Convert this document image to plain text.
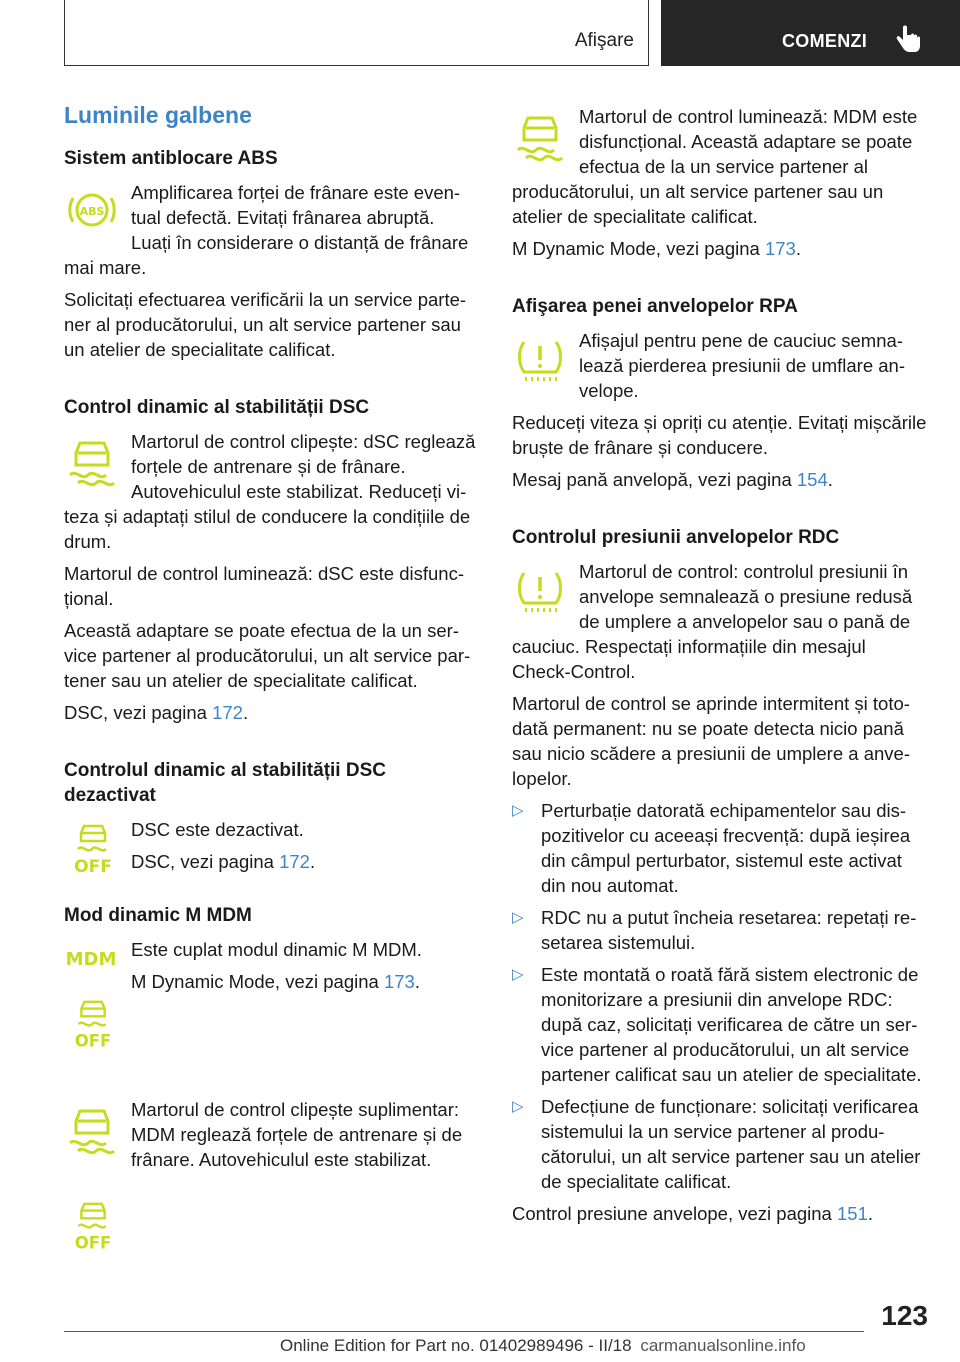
Afişare	COMENZI
Luminile galbene
Sistem antiblocare ABS
ABS
Amplificarea forței de frânare este eventual defectă. Evitați frânarea abruptă. Luați în considerare o distanță de frânare mai mare.
Solicitați efectuarea verificării la un service partener al producătorului, un alt service partener sau un atelier de specialitate calificat.
Control dinamic al stabilității DSC
Martorul de control clipește: dSC reglează forțele de antrenare și de frânare. Autovehiculul este stabilizat. Reduceți viteza și adaptați stilul de conducere la condițiile de drum.
Martorul de control luminează: dSC este disfuncțional.
Această adaptare se poate efectua de la un service partener al producătorului, un alt service partener sau un atelier de specialitate calificat.
DSC, vezi pagina 172.
Controlul dinamic al stabilității DSC dezactivat
OFF
DSC este dezactivat.
DSC, vezi pagina 172.
Mod dinamic M MDM
MDM Este cuplat modul dinamic M MDM.
M Dynamic Mode, vezi pagina 173.
OFF
Martorul de control clipește suplimentar: MDM reglează forțele de antrenare și de frânare. Autovehiculul este stabilizat.
OFF
Martorul de control luminează: MDM este disfuncțional. Această adaptare se poate efectua de la un service partener al producătorului, un alt service partener sau un atelier de specialitate calificat.
M Dynamic Mode, vezi pagina 173.
Afişarea penei anvelopelor RPA
Afișajul pentru pene de cauciuc semnalează pierderea presiunii de umflare anvelope.
Reduceți viteza și opriți cu atenție. Evitați mișcările bruște de frânare și conducere.
Mesaj pană anvelopă, vezi pagina 154.
Controlul presiunii anvelopelor RDC
Martorul de control: controlul presiunii în anvelope semnalează o presiune redusă de umplere a anvelopelor sau o pană de cauciuc. Respectați informațiile din mesajul Check-Control.
Martorul de control se aprinde intermitent și totodată permanent: nu se poate detecta nicio pană sau nicio scădere a presiunii de umplere a anvelopelor.
▷ Perturbație datorată echipamentelor sau dispozitivelor cu aceeași frecvență: după ieșirea din câmpul perturbator, sistemul este activat din nou automat.
▷ RDC nu a putut încheia resetarea: repetați resetarea sistemului.
▷ Este montată o roată fără sistem electronic de monitorizare a presiunii din anvelope RDC: după caz, solicitați verificarea de către un service partener al producătorului, un alt service partener calificat sau un atelier de specialitate.
▷ Defecțiune de funcționare: solicitați verificarea sistemului la un service partener al producătorului, un alt service partener sau un atelier de specialitate calificat.
Control presiune anvelope, vezi pagina 151.
123
Online Edition for Part no. 01402989496 - II/18 carmanualsonline.info
